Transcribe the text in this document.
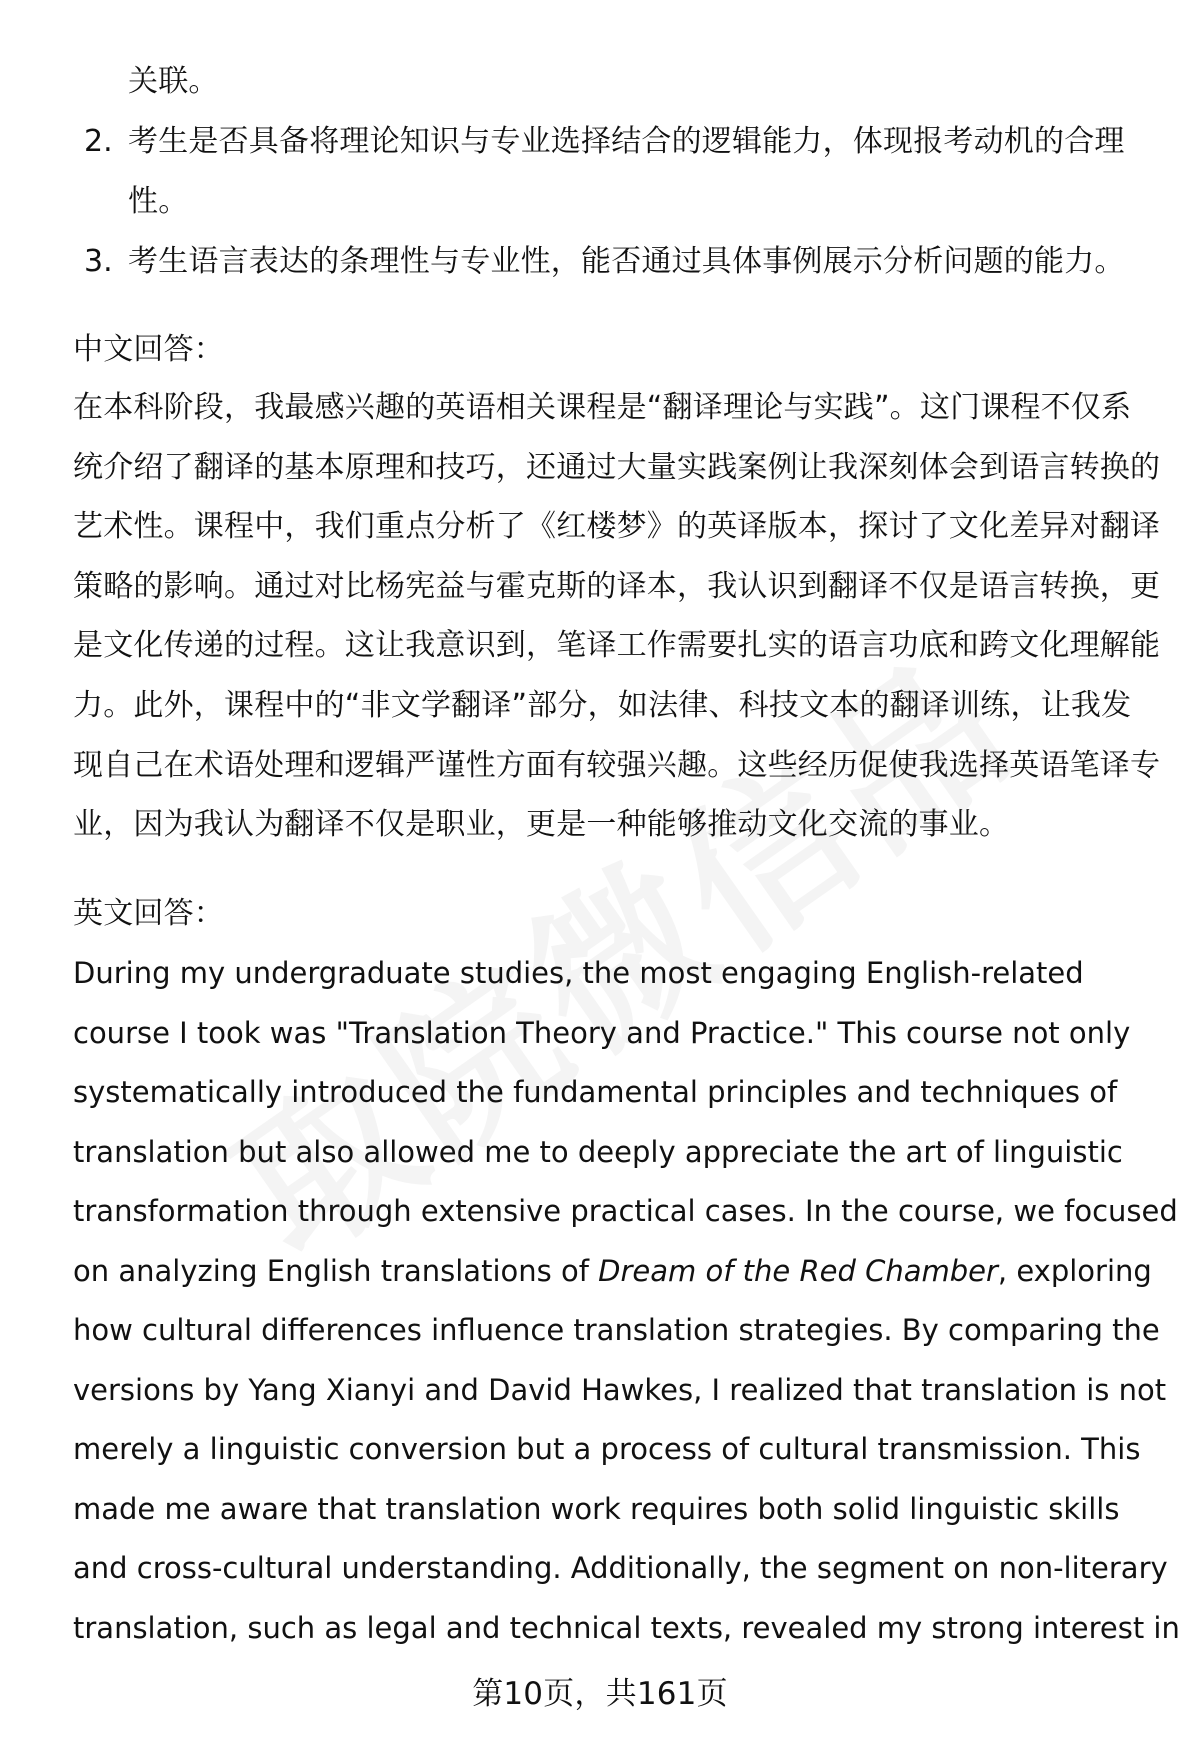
关联。
2. 考生是否具备将理论知识与专业选择结合的逻辑能力，体现报考动机的合理
性。
3. 考生语言表达的条理性与专业性，能否通过具体事例展示分析问题的能力。
中文回答：
在本科阶段，我最感兴趣的英语相关课程是“翻译理论与实践”。这门课程不仅系
统介绍了翻译的基本原理和技巧，还通过大量实践案例让我深刻体会到语言转换的
艺术性。课程中，我们重点分析了《红楼梦》的英译版本，探讨了文化差异对翻译
策略的影响。通过对比杨宪益与霍克斯的译本，我认识到翻译不仅是语言转换，更
是文化传递的过程。这让我意识到，笔译工作需要扎实的语言功底和跨文化理解能
力。此外，课程中的“非文学翻译”部分，如法律、科技文本的翻译训练，让我发
现自己在术语处理和逻辑严谨性方面有较强兴趣。这些经历促使我选择英语笔译专
业，因为我认为翻译不仅是职业，更是一种能够推动文化交流的事业。
英文回答：
During my undergraduate studies, the most engaging English-related
course I took was "Translation Theory and Practice." This course not only
systematically introduced the fundamental principles and techniques of
translation but also allowed me to deeply appreciate the art of linguistic
transformation through extensive practical cases. In the course, we focused
on analyzing English translations of Dream of the Red Chamber, exploring
how cultural differences influence translation strategies. By comparing the
versions by Yang Xianyi and David Hawkes, I realized that translation is not
merely a linguistic conversion but a process of cultural transmission. This
made me aware that translation work requires both solid linguistic skills
and cross-cultural understanding. Additionally, the segment on non-literary
translation, such as legal and technical texts, revealed my strong interest in
第10页，共161页
